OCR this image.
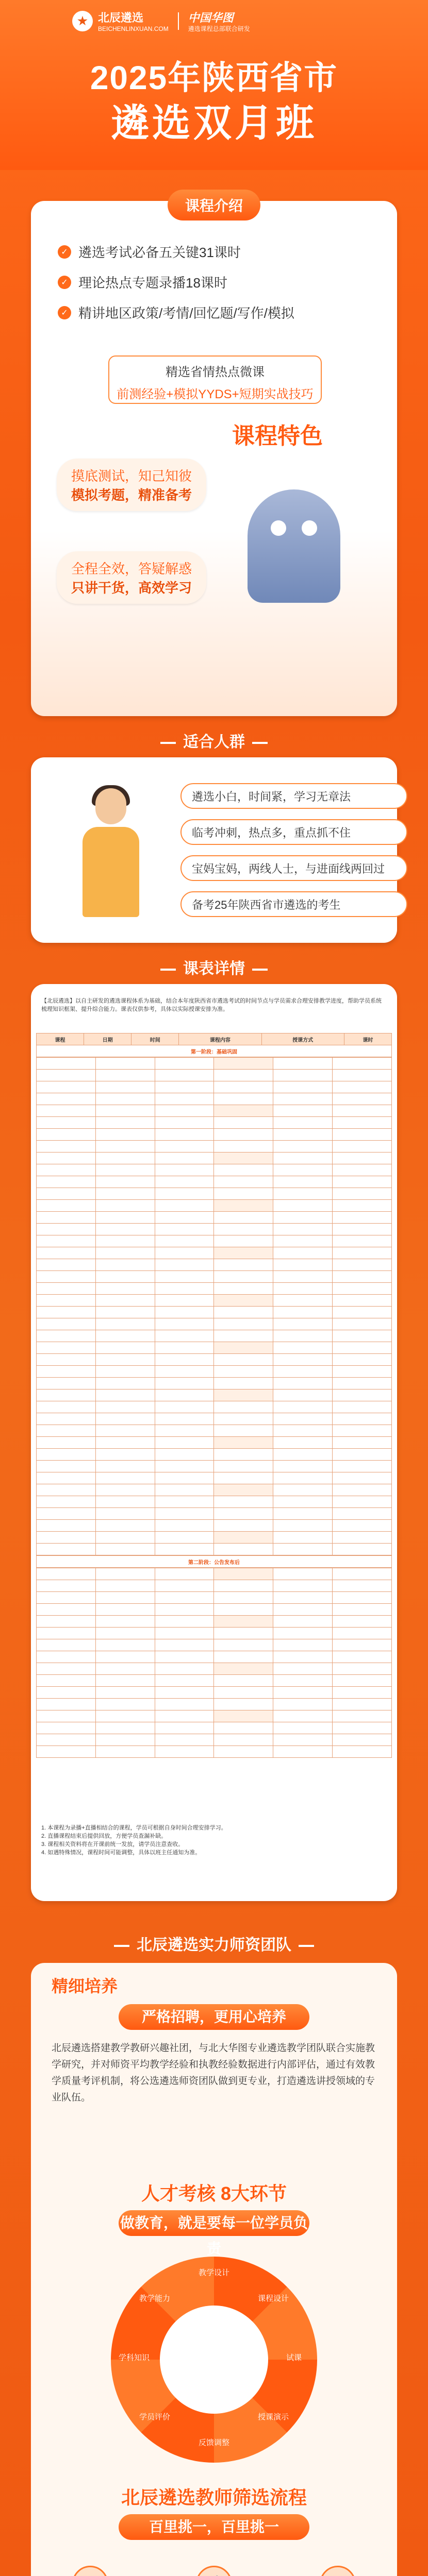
★ 北辰遴选
BEICHENLINXUAN.COM
中国华图
遴选课程总部联合研发
2025年陕西省市
遴选双月班
课程介绍
✓ 遴选考试必备五关键31课时
✓ 理论热点专题录播18课时
✓ 精讲地区政策/考情/回忆题/写作/模拟
精选省情热点微课
前测经验+模拟YYDS+短期实战技巧
课程特色
摸底测试，知己知彼
模拟考题，精准备考
全程全效，答疑解惑
只讲干货，高效学习
适合人群
遴选小白，时间紧，学习无章法
临考冲刺，热点多，重点抓不住
宝妈宝妈，两线人士，与进面线两回过
备考25年陕西省市遴选的考生
课表详情
【北辰遴选】以自主研发的遴选课程体系为基础，结合本年度陕西省市遴选考试的时间节点与学员需求合理安排教学进度，帮助学员系统梳理知识框架、提升综合能力。课表仅供参考，具体以实际授课安排为准。
课程	日期	时间	课程内容	授课方式	课时
第一阶段：基础巩固

第二阶段：公告发布后

1. 本课程为录播+直播相结合的课程，学员可根据自身时间合理安排学习。
2. 直播课程结束后提供回放，方便学员查漏补缺。
3. 课程相关资料将在开课前统一发放，请学员注意查收。
4. 如遇特殊情况，课程时间可能调整，具体以班主任通知为准。
北辰遴选实力师资团队
精细培养
严格招聘，更用心培养
北辰遴选搭建教学教研兴趣社团，与北大华图专业遴选教学团队联合实施教学研究，并对师资平均教学经验和执教经验数据进行内部评估，通过有效教学质量考评机制，将公选遴选师资团队做到更专业，打造遴选讲授领域的专业队伍。
人才考核 8大环节
做教育，就是要每一位学员负责
教学设计
课程设计
试课
授课演示
反馈调整
学员评价
学科知识
教学能力
北辰遴选教师筛选流程
百里挑一，百里挑一
